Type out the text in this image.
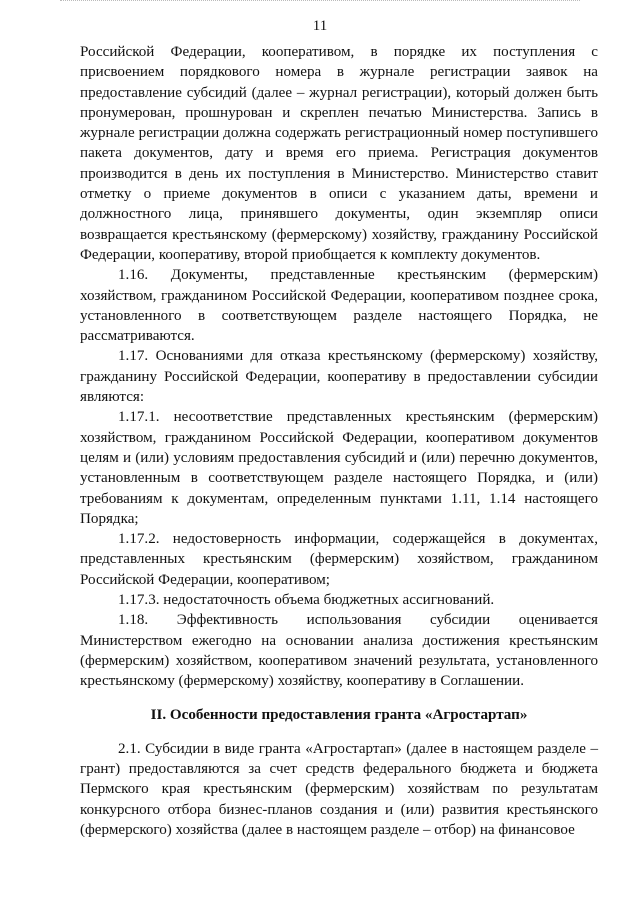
11

Российской Федерации, кооперативом, в порядке их поступления с присвоением порядкового номера в журнале регистрации заявок на предоставление субсидий (далее – журнал регистрации), который должен быть пронумерован, прошнурован и скреплен печатью Министерства. Запись в журнале регистрации должна содержать регистрационный номер поступившего пакета документов, дату и время его приема. Регистрация документов производится в день их поступления в Министерство. Министерство ставит отметку о приеме документов в описи с указанием даты, времени и должностного лица, принявшего документы, один экземпляр описи возвращается крестьянскому (фермерскому) хозяйству, гражданину Российской Федерации, кооперативу, второй приобщается к комплекту документов.

1.16. Документы, представленные крестьянским (фермерским) хозяйством, гражданином Российской Федерации, кооперативом позднее срока, установленного в соответствующем разделе настоящего Порядка, не рассматриваются.

1.17. Основаниями для отказа крестьянскому (фермерскому) хозяйству, гражданину Российской Федерации, кооперативу в предоставлении субсидии являются:

1.17.1. несоответствие представленных крестьянским (фермерским) хозяйством, гражданином Российской Федерации, кооперативом документов целям и (или) условиям предоставления субсидий и (или) перечню документов, установленным в соответствующем разделе настоящего Порядка, и (или) требованиям к документам, определенным пунктами 1.11, 1.14 настоящего Порядка;

1.17.2. недостоверность информации, содержащейся в документах, представленных крестьянским (фермерским) хозяйством, гражданином Российской Федерации, кооперативом;

1.17.3. недостаточность объема бюджетных ассигнований.

1.18. Эффективность использования субсидии оценивается Министерством ежегодно на основании анализа достижения крестьянским (фермерским) хозяйством, кооперативом значений результата, установленного крестьянскому (фермерскому) хозяйству, кооперативу в Соглашении.

II. Особенности предоставления гранта «Агростартап»

2.1. Субсидии в виде гранта «Агростартап» (далее в настоящем разделе – грант) предоставляются за счет средств федерального бюджета и бюджета Пермского края крестьянским (фермерским) хозяйствам по результатам конкурсного отбора бизнес-планов создания и (или) развития крестьянского (фермерского) хозяйства (далее в настоящем разделе – отбор) на финансовое
